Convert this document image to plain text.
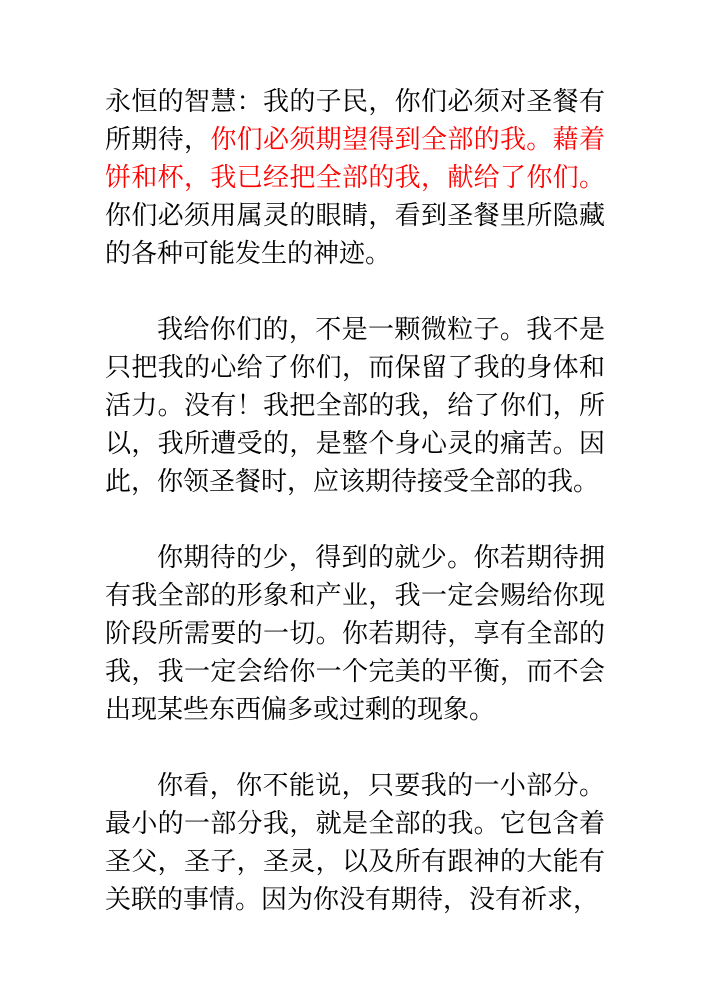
永恒的智慧：我的子民，你们必须对圣餐有所期待，你们必须期望得到全部的我。藉着饼和杯，我已经把全部的我，献给了你们。你们必须用属灵的眼睛，看到圣餐里所隐藏的各种可能发生的神迹。

我给你们的，不是一颗微粒子。我不是只把我的心给了你们，而保留了我的身体和活力。没有！我把全部的我，给了你们，所以，我所遭受的，是整个身心灵的痛苦。因此，你领圣餐时，应该期待接受全部的我。

你期待的少，得到的就少。你若期待拥有我全部的形象和产业，我一定会赐给你现阶段所需要的一切。你若期待，享有全部的我，我一定会给你一个完美的平衡，而不会出现某些东西偏多或过剩的现象。

你看，你不能说，只要我的一小部分。最小的一部分我，就是全部的我。它包含着圣父，圣子，圣灵，以及所有跟神的大能有关联的事情。因为你没有期待，没有祈求，
